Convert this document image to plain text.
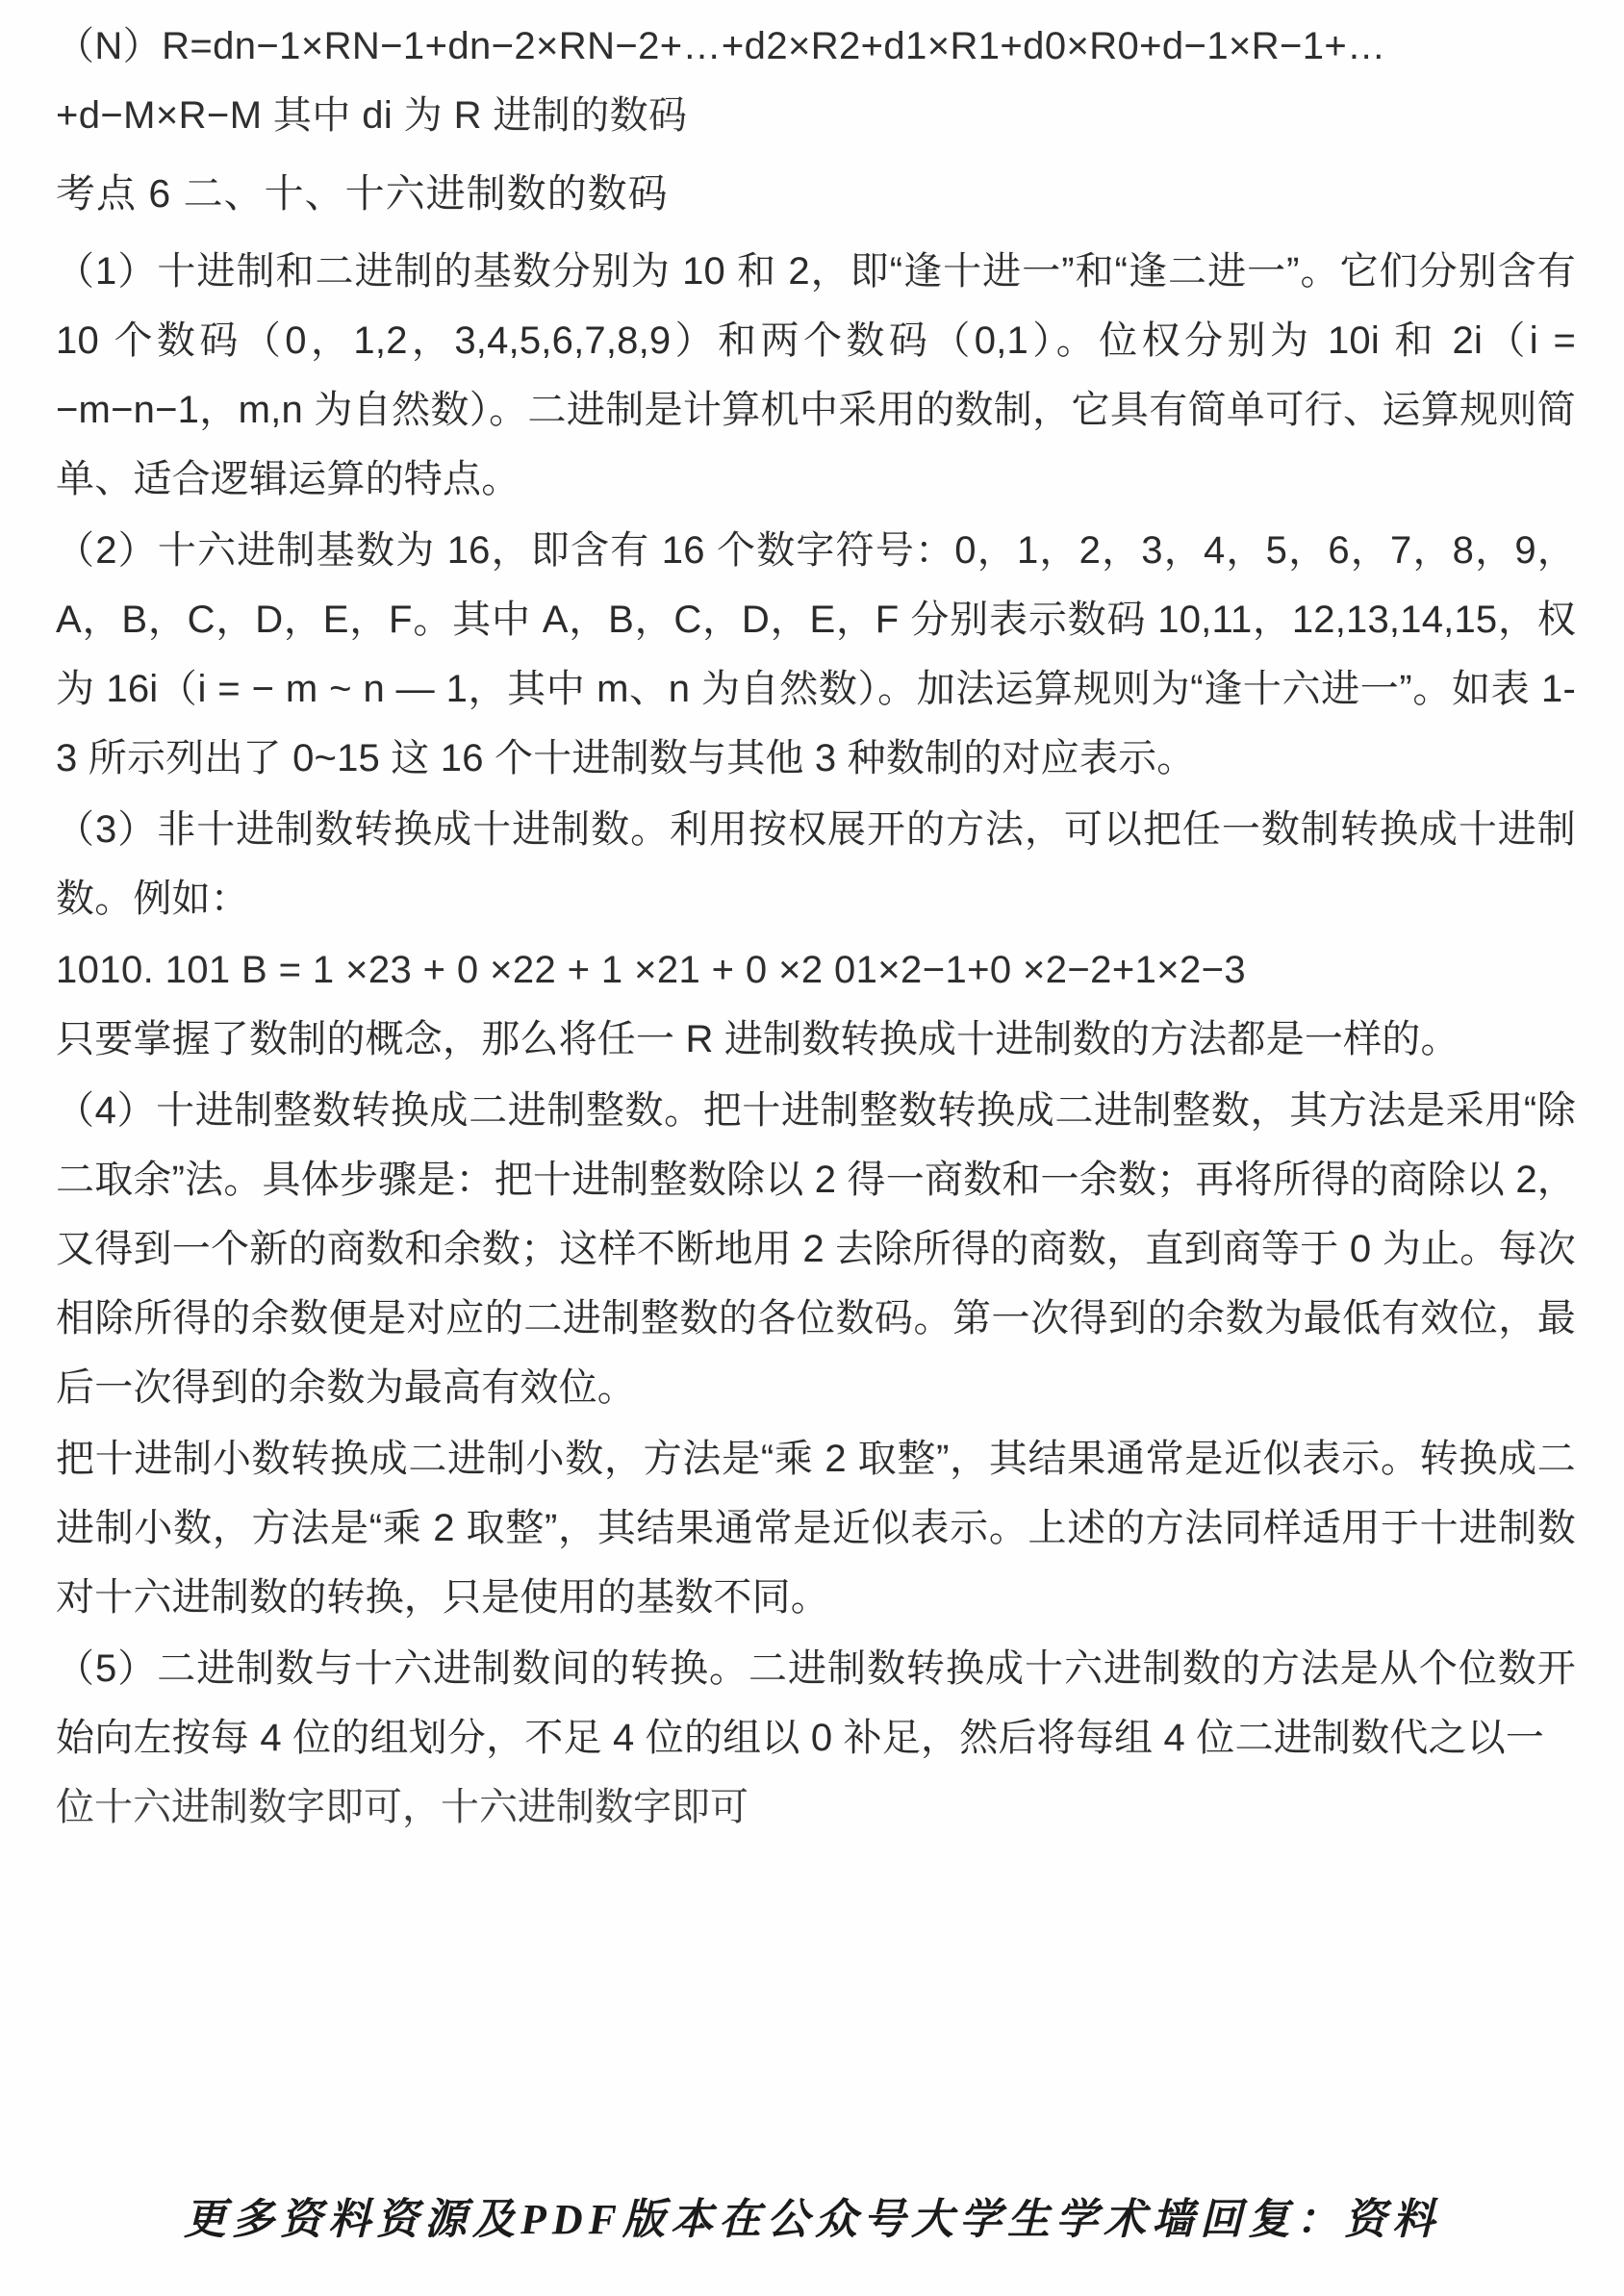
（N）R=dn−1×RN−1+dn−2×RN−2+…+d2×R2+d1×R1+d0×R0+d−1×R−1+…

+d−M×R−M 其中 di 为 R 进制的数码

考点 6 二、十、十六进制数的数码

（1）十进制和二进制的基数分别为 10 和 2，即“逢十进一”和“逢二进一”。它们分别含有 10 个数码（0，1,2，3,4,5,6,7,8,9）和两个数码（0,1）。位权分别为 10i 和 2i（i = −m−n−1，m,n 为自然数）。二进制是计算机中采用的数制，它具有简单可行、运算规则简单、适合逻辑运算的特点。

（2）十六进制基数为 16，即含有 16 个数字符号：0，1，2，3，4，5，6，7，8，9，A，B，C，D，E，F。其中 A，B，C，D，E，F 分别表示数码 10,11，12,13,14,15，权为 16i（i = − m ~ n — 1，其中 m、n 为自然数）。加法运算规则为“逢十六进一”。如表 1-3 所示列出了 0~15 这 16 个十进制数与其他 3 种数制的对应表示。

（3）非十进制数转换成十进制数。利用按权展开的方法，可以把任一数制转换成十进制数。例如：

1010. 101 B = 1 ×23 + 0 ×22 + 1 ×21 + 0 ×2 01×2−1+0 ×2−2+1×2−3

只要掌握了数制的概念，那么将任一 R 进制数转换成十进制数的方法都是一样的。

（4）十进制整数转换成二进制整数。把十进制整数转换成二进制整数，其方法是采用“除二取余”法。具体步骤是：把十进制整数除以 2 得一商数和一余数；再将所得的商除以 2，又得到一个新的商数和余数；这样不断地用 2 去除所得的商数，直到商等于 0 为止。每次相除所得的余数便是对应的二进制整数的各位数码。第一次得到的余数为最低有效位，最后一次得到的余数为最高有效位。

把十进制小数转换成二进制小数，方法是“乘 2 取整”，其结果通常是近似表示。转换成二进制小数，方法是“乘 2 取整”，其结果通常是近似表示。上述的方法同样适用于十进制数对十六进制数的转换，只是使用的基数不同。

（5）二进制数与十六进制数间的转换。二进制数转换成十六进制数的方法是从个位数开始向左按每 4 位的组划分，不足 4 位的组以 0 补足，然后将每组 4 位二进制数代之以一

位十六进制数字即可，十六进制数字即可

更多资料资源及PDF版本在公众号大学生学术墙回复：资料
